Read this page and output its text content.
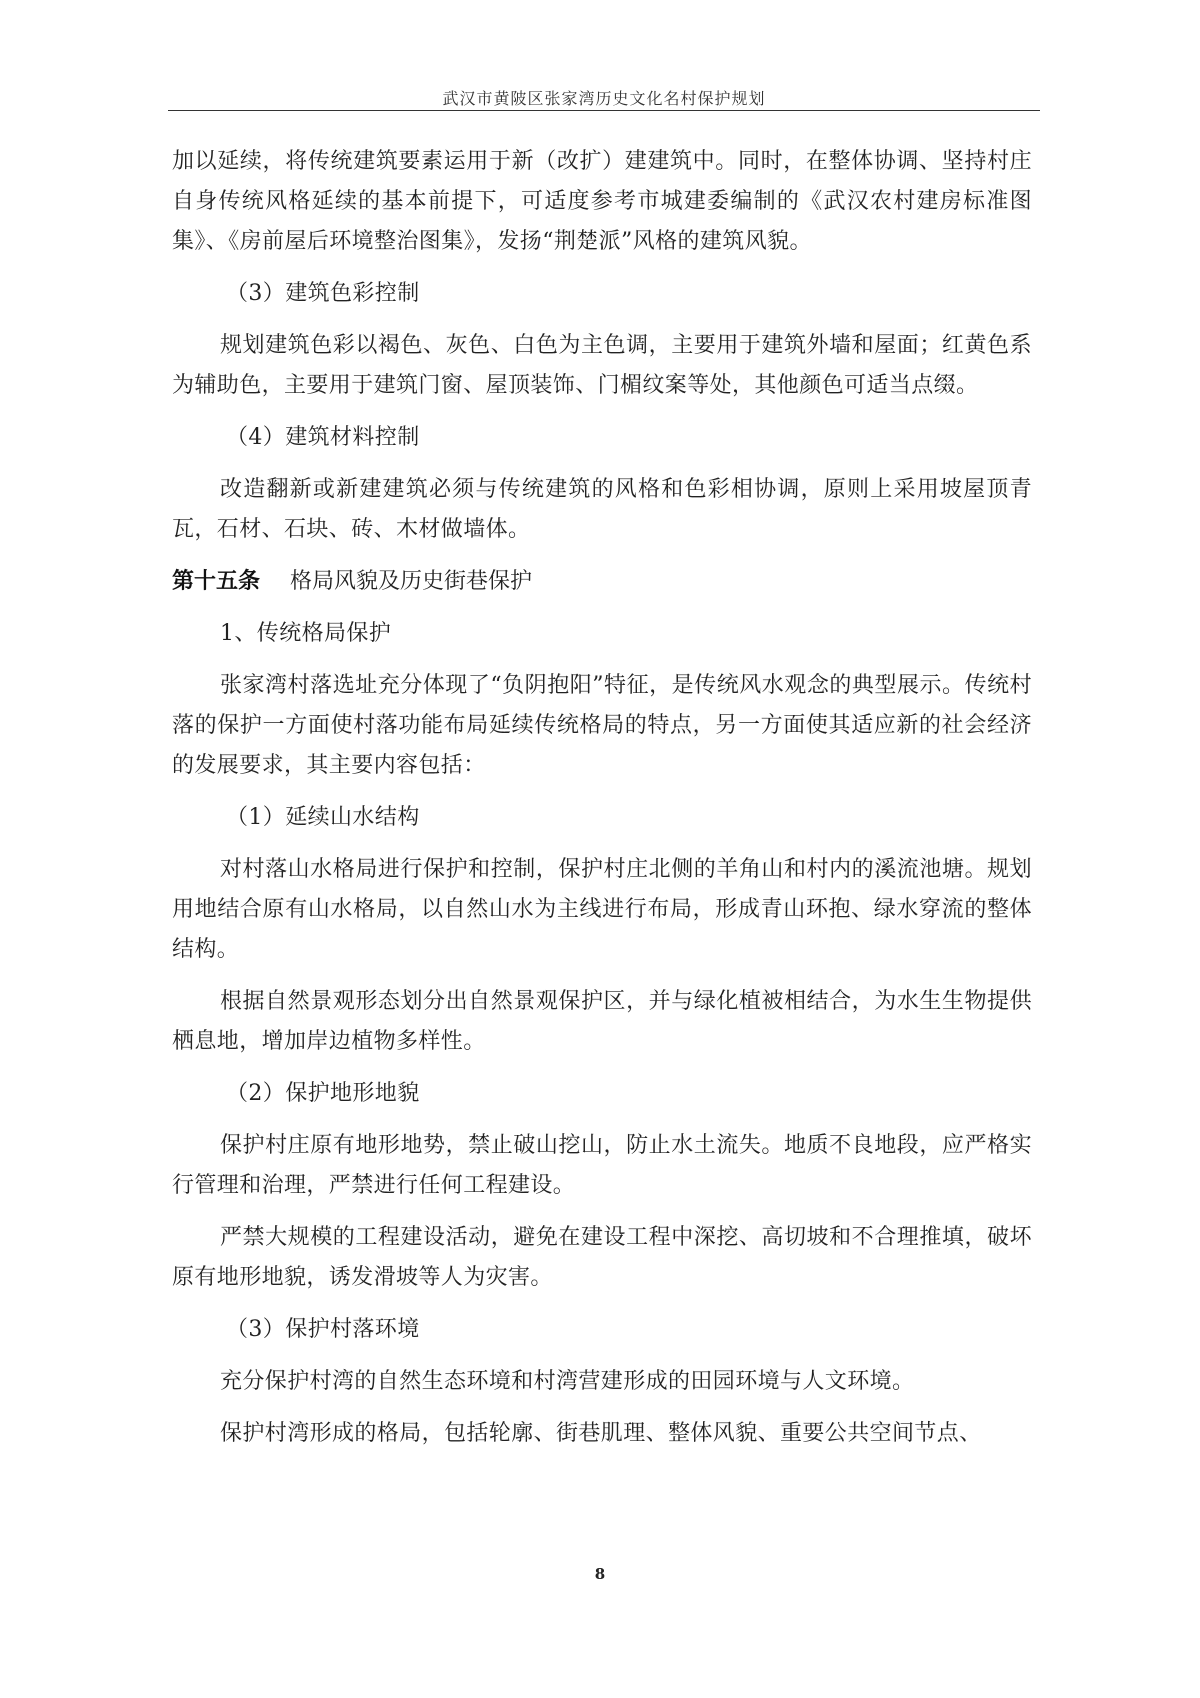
武汉市黄陂区张家湾历史文化名村保护规划

加以延续，将传统建筑要素运用于新（改扩）建建筑中。同时，在整体协调、坚持村庄自身传统风格延续的基本前提下，可适度参考市城建委编制的《武汉农村建房标准图集》、《房前屋后环境整治图集》，发扬“荆楚派”风格的建筑风貌。

（3）建筑色彩控制

规划建筑色彩以褐色、灰色、白色为主色调，主要用于建筑外墙和屋面；红黄色系为辅助色，主要用于建筑门窗、屋顶装饰、门楣纹案等处，其他颜色可适当点缀。

（4）建筑材料控制

改造翻新或新建建筑必须与传统建筑的风格和色彩相协调，原则上采用坡屋顶青瓦，石材、石块、砖、木材做墙体。

第十五条 格局风貌及历史街巷保护

1、传统格局保护

张家湾村落选址充分体现了“负阴抱阳”特征，是传统风水观念的典型展示。传统村落的保护一方面使村落功能布局延续传统格局的特点，另一方面使其适应新的社会经济的发展要求，其主要内容包括：

（1）延续山水结构

对村落山水格局进行保护和控制，保护村庄北侧的羊角山和村内的溪流池塘。规划用地结合原有山水格局，以自然山水为主线进行布局，形成青山环抱、绿水穿流的整体结构。

根据自然景观形态划分出自然景观保护区，并与绿化植被相结合，为水生生物提供栖息地，增加岸边植物多样性。

（2）保护地形地貌

保护村庄原有地形地势，禁止破山挖山，防止水土流失。地质不良地段，应严格实行管理和治理，严禁进行任何工程建设。

严禁大规模的工程建设活动，避免在建设工程中深挖、高切坡和不合理推填，破坏原有地形地貌，诱发滑坡等人为灾害。

（3）保护村落环境

充分保护村湾的自然生态环境和村湾营建形成的田园环境与人文环境。

保护村湾形成的格局，包括轮廓、街巷肌理、整体风貌、重要公共空间节点、

8
